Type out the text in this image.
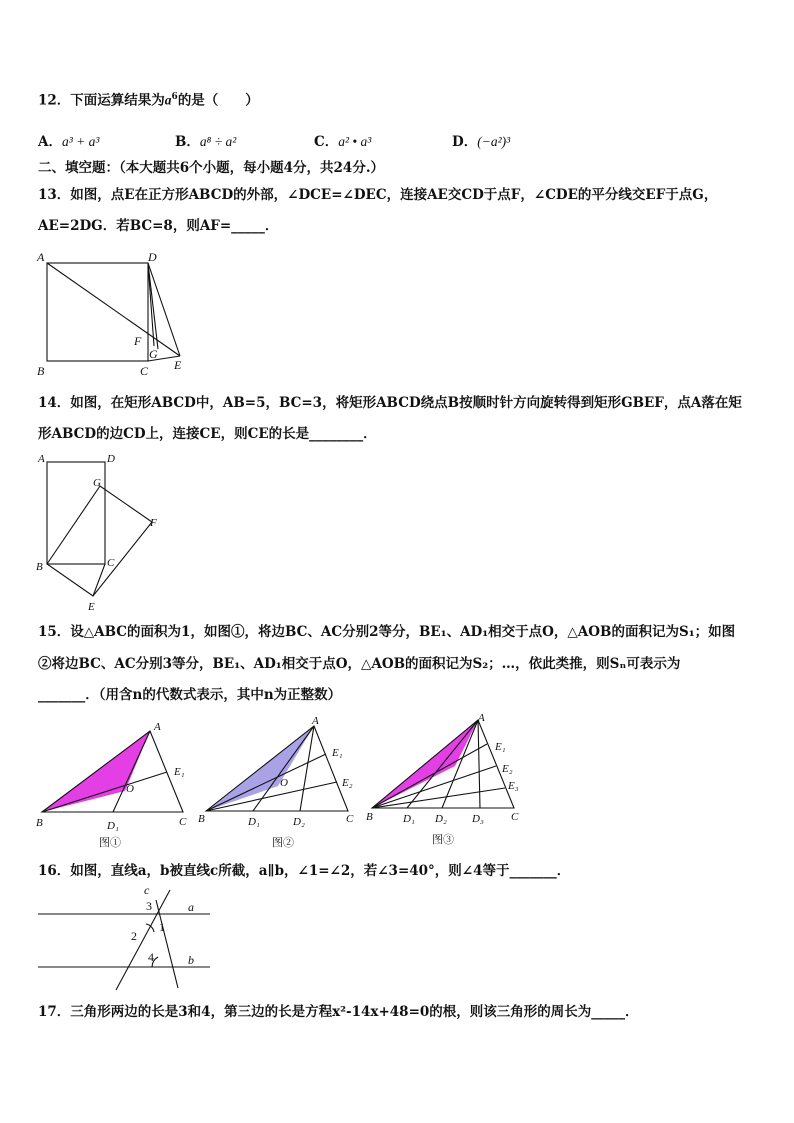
12．下面运算结果为$a^6$的是（　　）
A．a³ + a³	B．a⁸ ÷ a²	C．a² • a³	D．(−a²)³
二、填空题：（本大题共6个小题，每小题4分，共24分.）
13．如图，点E在正方形ABCD的外部，∠DCE=∠DEC，连接AE交CD于点F，∠CDE的平分线交EF于点G，
AE=2DG．若BC=8，则AF=_____．
A	D
B	C
F
G
E
14．如图，在矩形ABCD中，AB=5，BC=3，将矩形ABCD绕点B按顺时针方向旋转得到矩形GBEF，点A落在矩
形ABCD的边CD上，连接CE，则CE的长是________．
A	D
G
F
B	C
E
15．设△ABC的面积为1，如图①，将边BC、AC分别2等分，BE₁、AD₁相交于点O，△AOB的面积记为S₁；如图
②将边BC、AC分别3等分，BE₁、AD₁相交于点O，△AOB的面积记为S₂；…，依此类推，则Sₙ可表示为
_______．（用含n的代数式表示，其中n为正整数）
A
B	C
O
D₁
E₁
图①
A
B	C
O
D₁	D₂
E₁
E₂
图②
A
B	C
D₁ D₂ D₃
E₁
E₂
E₃
图③
16．如图，直线a，b被直线c所截，a∥b，∠1=∠2，若∠3=40°，则∠4等于_______．
c
a
b
3
1
2
4
17．三角形两边的长是3和4，第三边的长是方程x²-14x+48=0的根，则该三角形的周长为_____．
